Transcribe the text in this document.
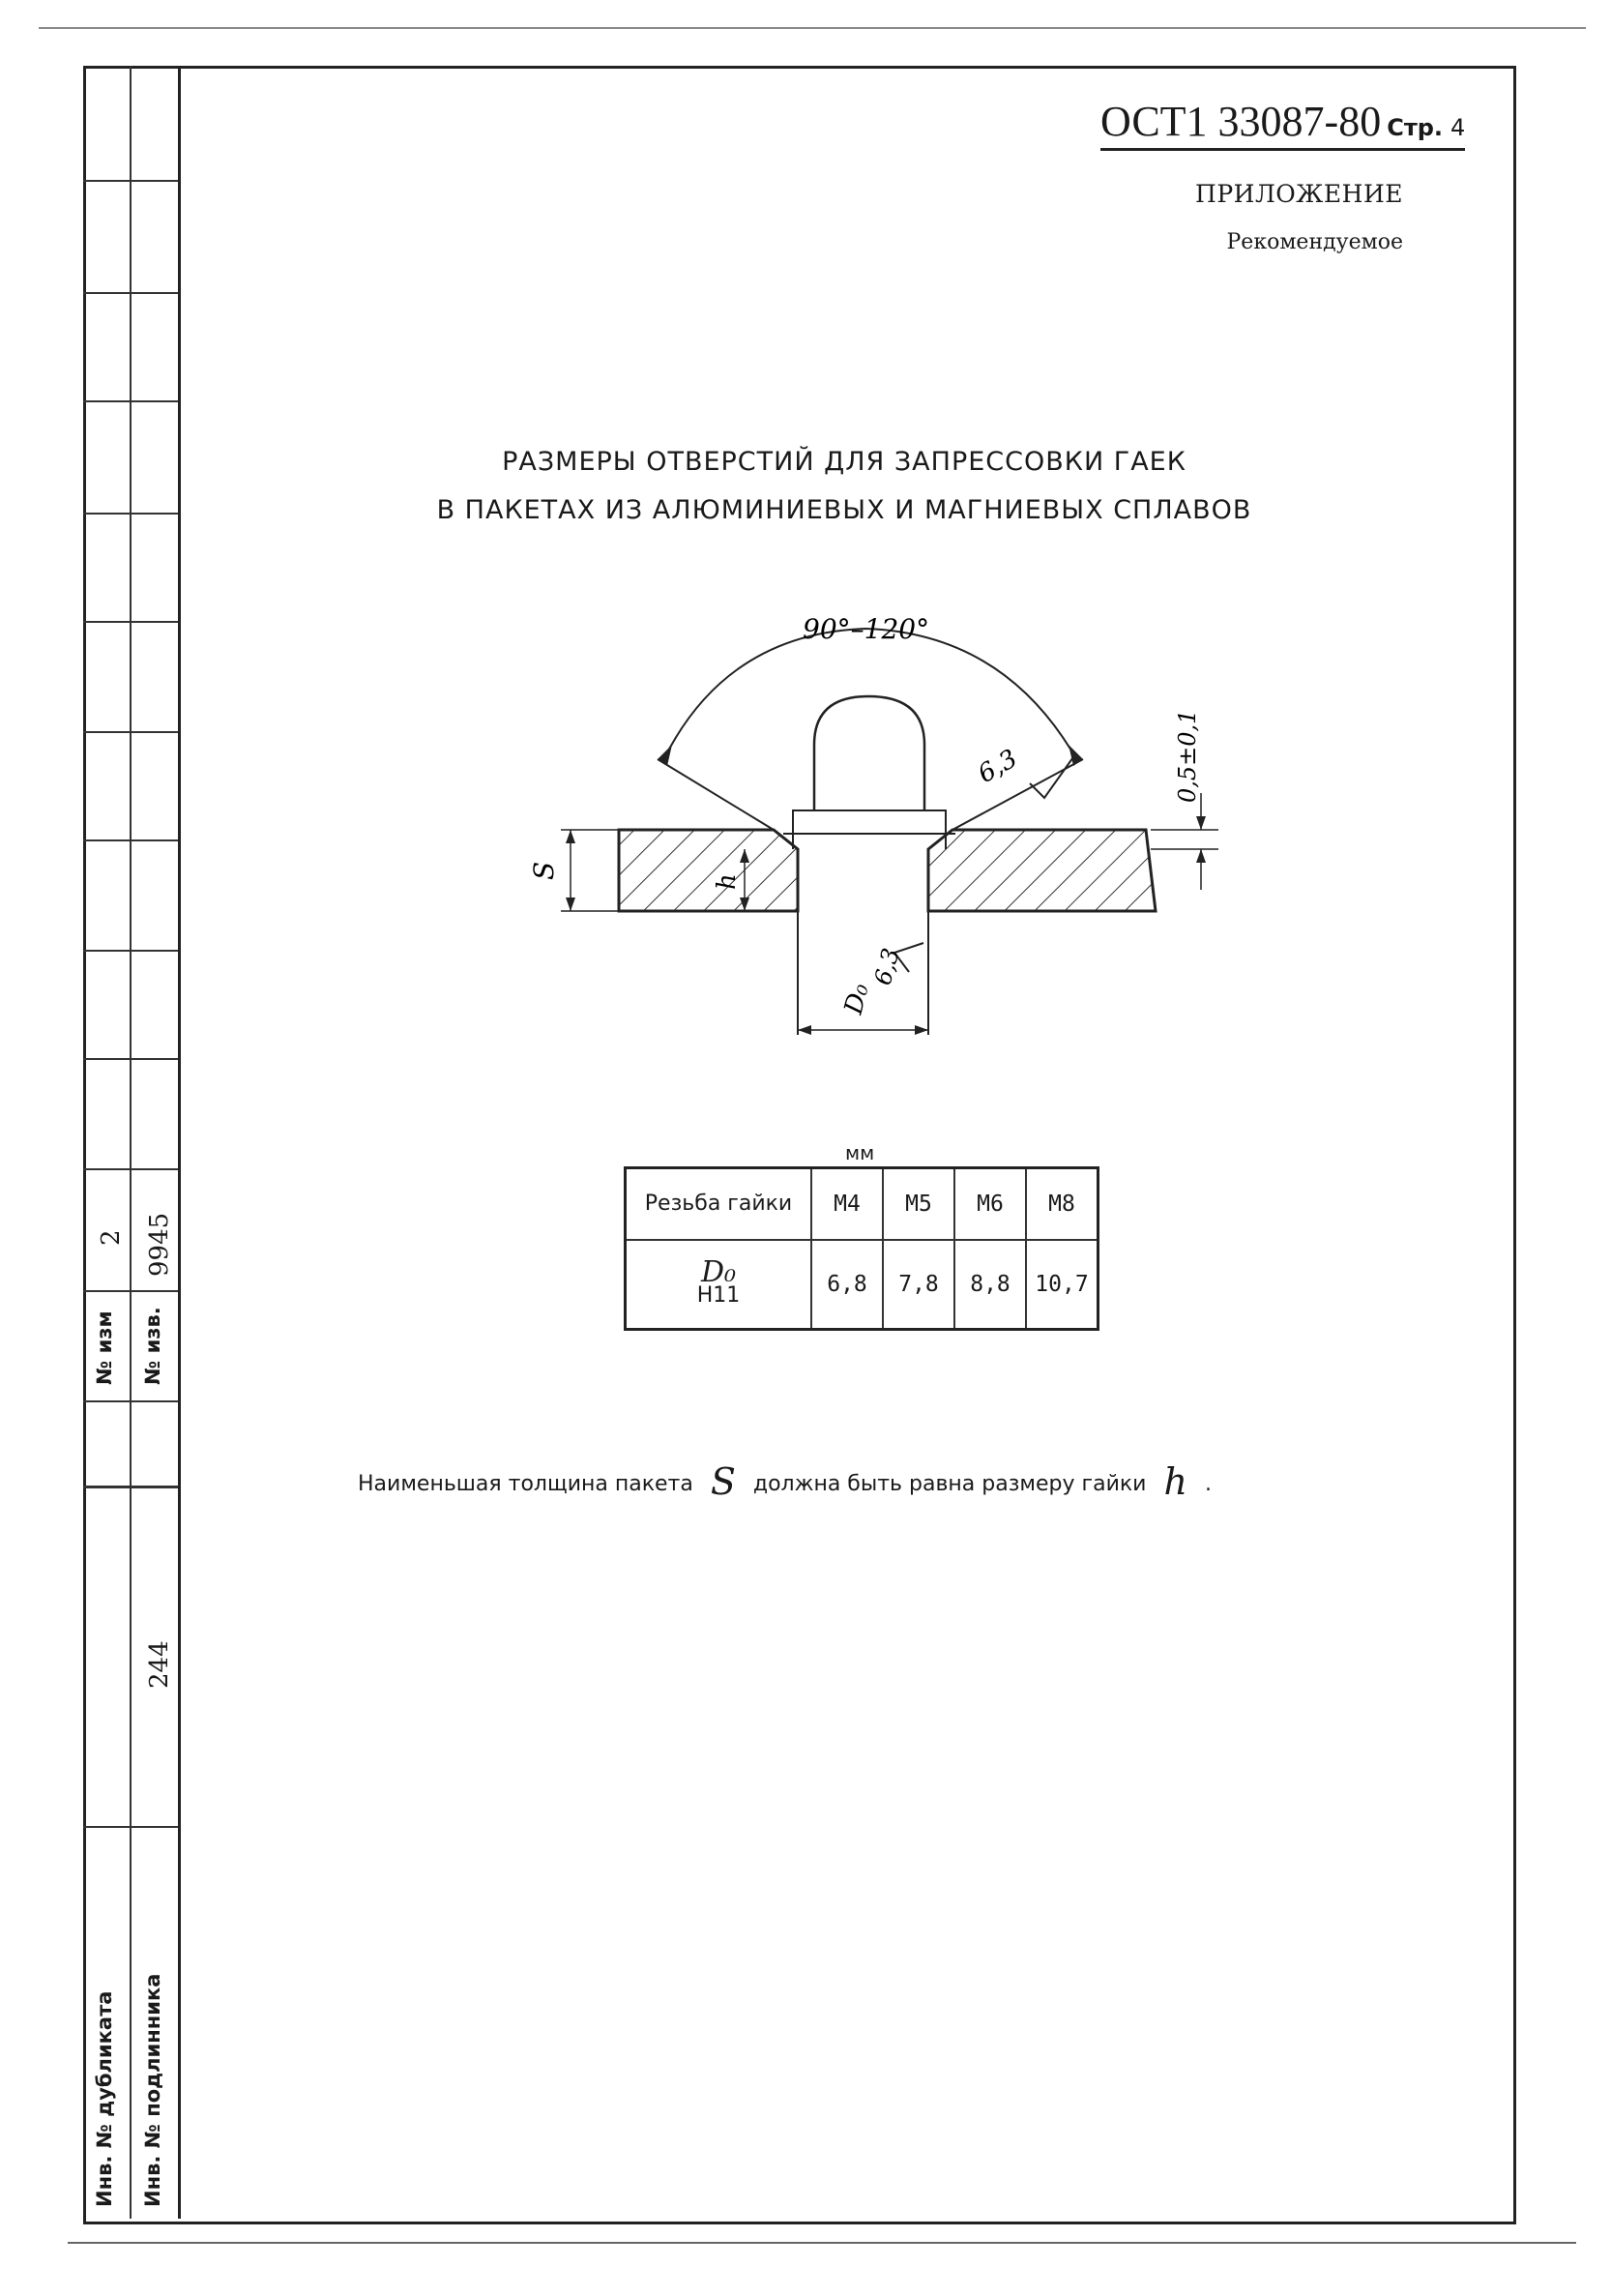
№ изм
2
№ изв.
9945
244
Инв. № дубликата Инв. № подлинника
ОСТ1 33087-80 Стр. 4
ПРИЛОЖЕНИЕ
Рекомендуемое
РАЗМЕРЫ ОТВЕРСТИЙ ДЛЯ ЗАПРЕССОВКИ ГАЕК
В ПАКЕТАХ ИЗ АЛЮМИНИЕВЫХ И МАГНИЕВЫХ СПЛАВОВ
90°–120°
6,3
S
h
0,5±0,1
6,3
D₀
мм
Резьба гайки	М4	М5	М6	М8

D₀
Н11	6,8	7,8	8,8	10,7
Наименьшая толщина пакета S должна быть равна размеру гайки h .
